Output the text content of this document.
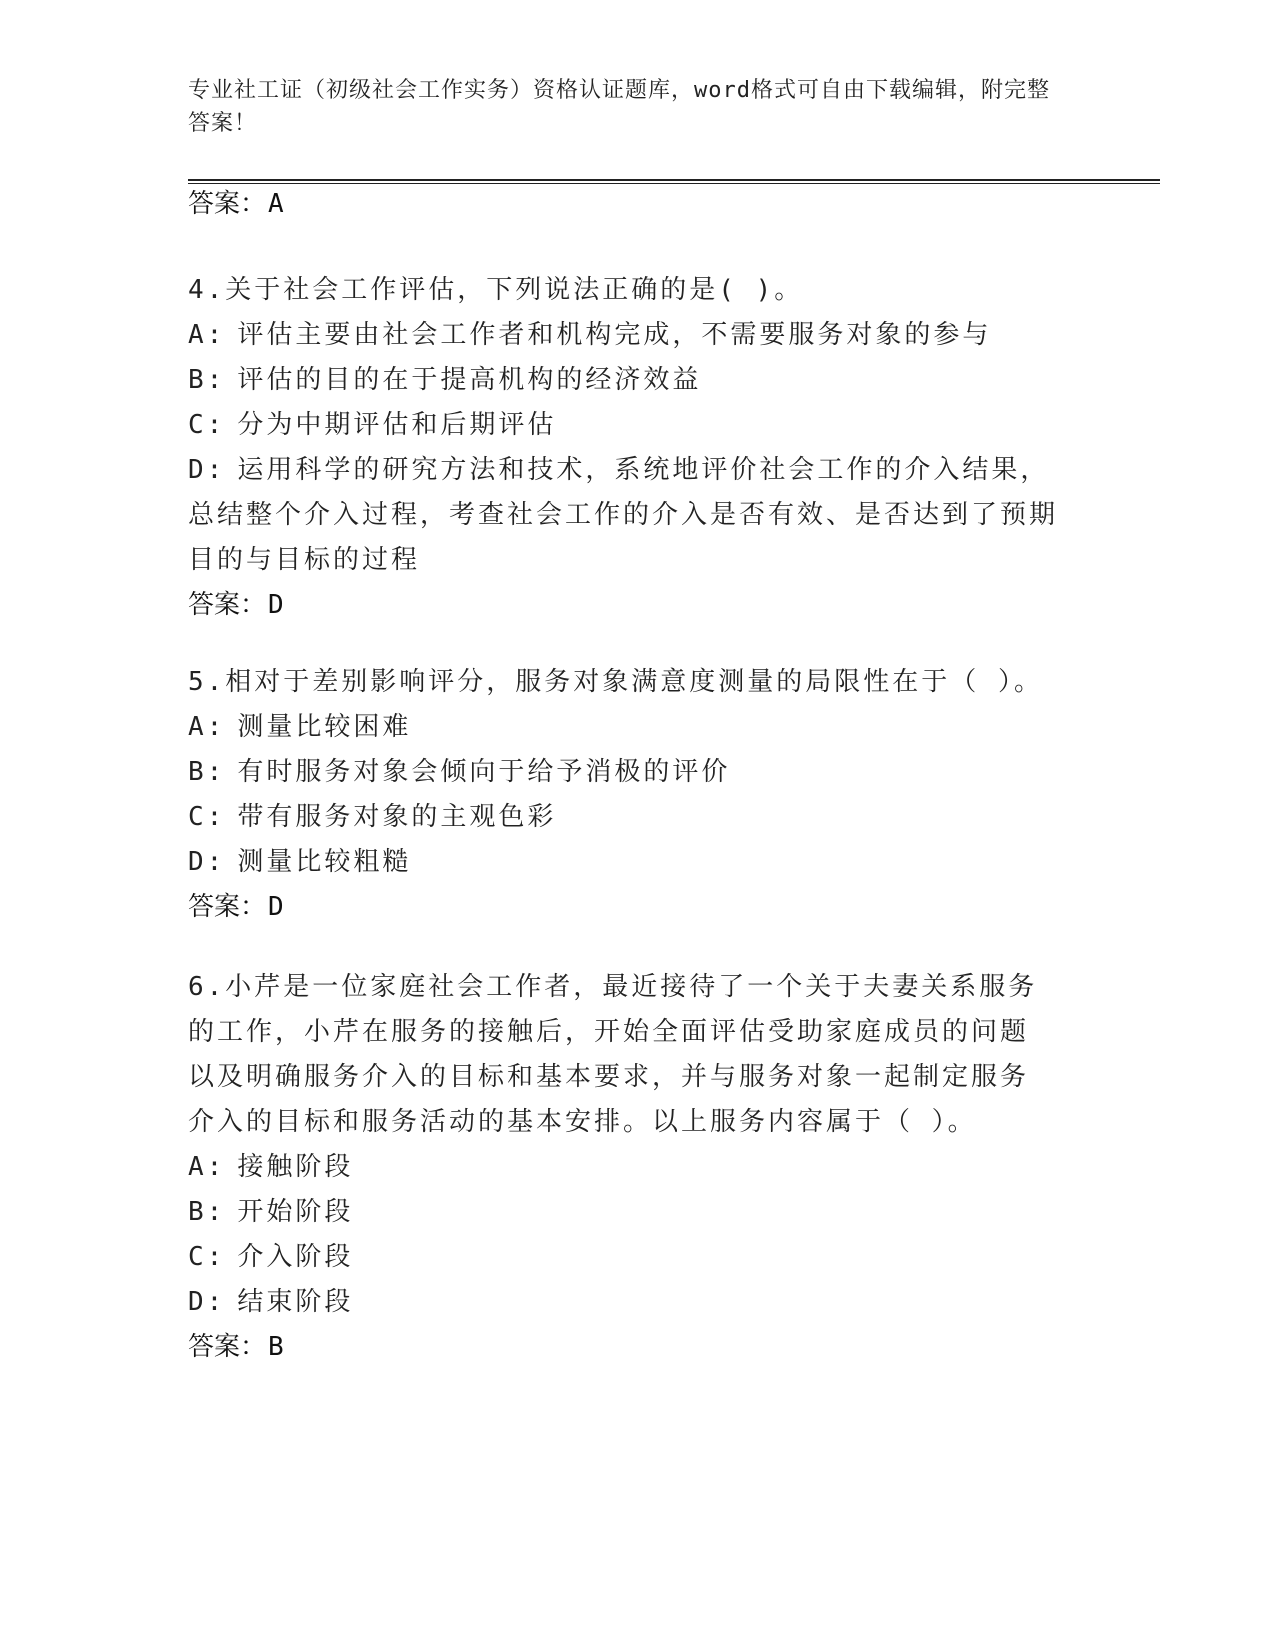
专业社工证（初级社会工作实务）资格认证题库，word格式可自由下载编辑，附完整答案！
答案：A

4.关于社会工作评估，下列说法正确的是( )。

A: 评估主要由社会工作者和机构完成，不需要服务对象的参与

B: 评估的目的在于提高机构的经济效益

C: 分为中期评估和后期评估

D: 运用科学的研究方法和技术，系统地评价社会工作的介入结果，总结整个介入过程，考查社会工作的介入是否有效、是否达到了预期目的与目标的过程

答案：D

5.相对于差别影响评分，服务对象满意度测量的局限性在于（ ）。

A: 测量比较困难

B: 有时服务对象会倾向于给予消极的评价

C: 带有服务对象的主观色彩

D: 测量比较粗糙

答案：D

6.小芹是一位家庭社会工作者，最近接待了一个关于夫妻关系服务的工作，小芹在服务的接触后，开始全面评估受助家庭成员的问题以及明确服务介入的目标和基本要求，并与服务对象一起制定服务介入的目标和服务活动的基本安排。以上服务内容属于（ ）。

A: 接触阶段

B: 开始阶段

C: 介入阶段

D: 结束阶段

答案：B
